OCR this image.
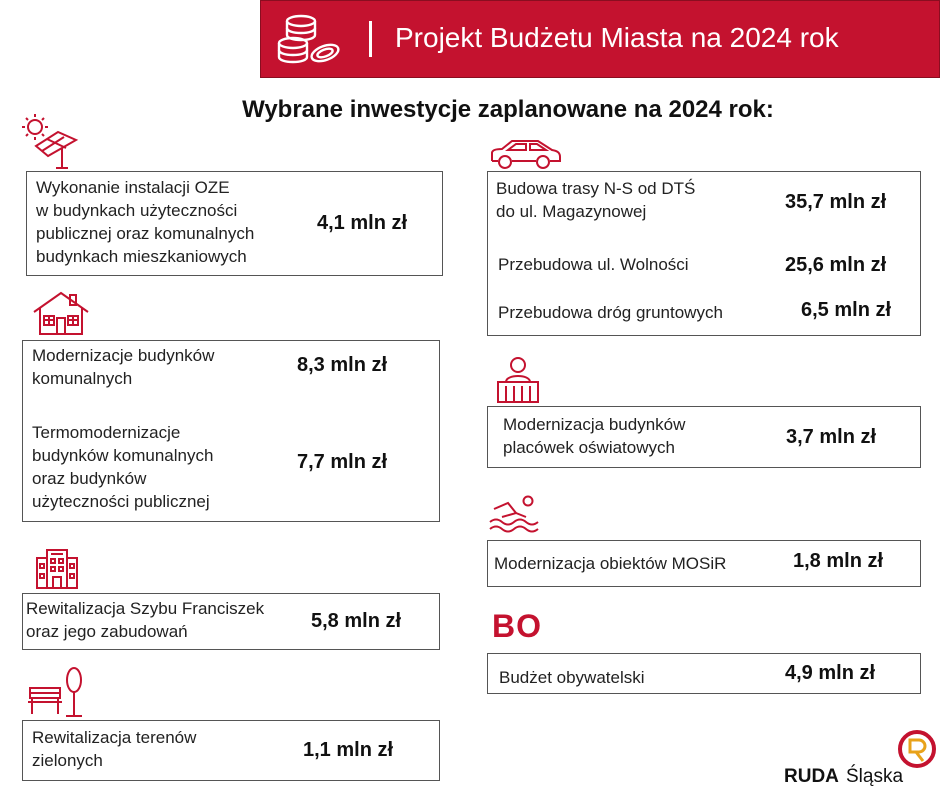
Projekt Budżetu Miasta na 2024 rok
Wybrane inwestycje zaplanowane na 2024 rok:
Wykonanie instalacji OZE
w budynkach użyteczności
publicznej oraz komunalnych
budynkach mieszkaniowych
4,1 mln zł
Modernizacje budynków
komunalnych
8,3 mln zł
Termomodernizacje
budynków komunalnych
oraz budynków
użyteczności publicznej
7,7 mln zł
Rewitalizacja Szybu Franciszek
oraz jego zabudowań	5,8 mln zł
Rewitalizacja terenów
zielonych	1,1 mln zł
Budowa trasy N-S od DTŚ
do ul. Magazynowej	35,7 mln zł
Przebudowa ul. Wolności	25,6 mln zł
Przebudowa dróg gruntowych	6,5 mln zł
Modernizacja budynków
placówek oświatowych	3,7 mln zł
Modernizacja obiektów MOSiR	1,8 mln zł
BO
Budżet obywatelski	4,9 mln zł
RUDA Śląska
